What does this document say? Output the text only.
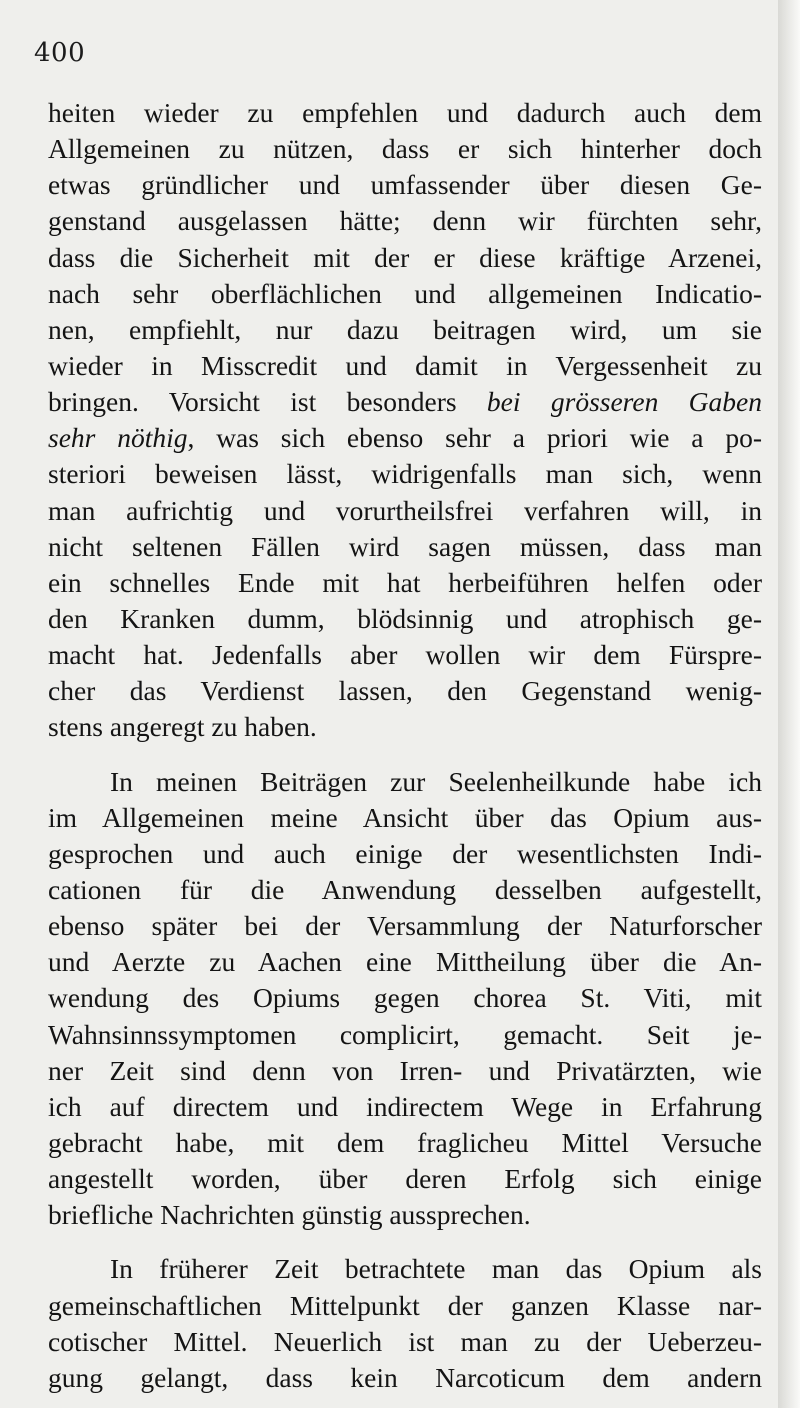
400
heiten wieder zu empfehlen und dadurch auch dem
Allgemeinen zu nützen, dass er sich hinterher doch
etwas gründlicher und umfassender über diesen Ge-
genstand ausgelassen hätte; denn wir fürchten sehr,
dass die Sicherheit mit der er diese kräftige Arzenei,
nach sehr oberflächlichen und allgemeinen Indicatio-
nen, empfiehlt, nur dazu beitragen wird, um sie
wieder in Misscredit und damit in Vergessenheit zu
bringen. Vorsicht ist besonders bei grösseren Gaben
sehr nöthig, was sich ebenso sehr a priori wie a po-
steriori beweisen lässt, widrigenfalls man sich, wenn
man aufrichtig und vorurtheilsfrei verfahren will, in
nicht seltenen Fällen wird sagen müssen, dass man
ein schnelles Ende mit hat herbeiführen helfen oder
den Kranken dumm, blödsinnig und atrophisch ge-
macht hat. Jedenfalls aber wollen wir dem Fürspre-
cher das Verdienst lassen, den Gegenstand wenig-
stens angeregt zu haben.
In meinen Beiträgen zur Seelenheilkunde habe ich
im Allgemeinen meine Ansicht über das Opium aus-
gesprochen und auch einige der wesentlichsten Indi-
cationen für die Anwendung desselben aufgestellt,
ebenso später bei der Versammlung der Naturforscher
und Aerzte zu Aachen eine Mittheilung über die An-
wendung des Opiums gegen chorea St. Viti, mit
Wahnsinnssymptomen complicirt, gemacht. Seit je-
ner Zeit sind denn von Irren- und Privatärzten, wie
ich auf directem und indirectem Wege in Erfahrung
gebracht habe, mit dem fraglicheu Mittel Versuche
angestellt worden, über deren Erfolg sich einige
briefliche Nachrichten günstig aussprechen.
In früherer Zeit betrachtete man das Opium als
gemeinschaftlichen Mittelpunkt der ganzen Klasse nar-
cotischer Mittel. Neuerlich ist man zu der Ueberzeu-
gung gelangt, dass kein Narcoticum dem andern
